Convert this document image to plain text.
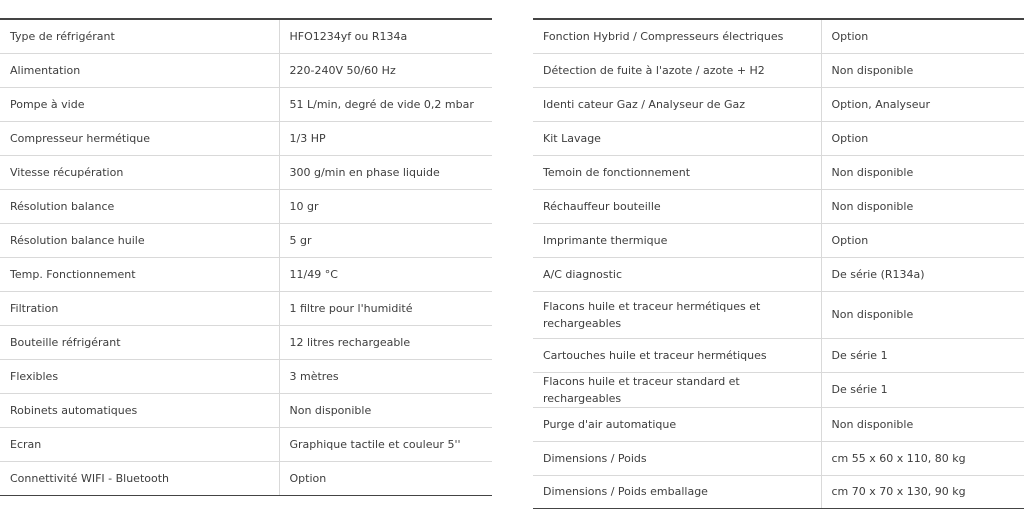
Type de réfrigérant	HFO1234yf ou R134a
Alimentation	220-240V 50/60 Hz
Pompe à vide	51 L/min, degré de vide 0,2 mbar
Compresseur hermétique	1/3 HP
Vitesse récupération	300 g/min en phase liquide
Résolution balance	10 gr
Résolution balance huile	5 gr
Temp. Fonctionnement	11/49 °C
Filtration	1 filtre pour l'humidité
Bouteille réfrigérant	12 litres rechargeable
Flexibles	3 mètres
Robinets automatiques	Non disponible
Ecran	Graphique tactile et couleur 5''
Connettivité WIFI - Bluetooth	Option
Fonction Hybrid / Compresseurs électriques	Option
Détection de fuite à l'azote / azote + H2	Non disponible
Identi cateur Gaz / Analyseur de Gaz	Option, Analyseur
Kit Lavage	Option
Temoin de fonctionnement	Non disponible
Réchauffeur bouteille	Non disponible
Imprimante thermique	Option
A/C diagnostic	De série (R134a)
Flacons huile et traceur hermétiques et rechargeables	Non disponible
Cartouches huile et traceur hermétiques	De série 1
Flacons huile et traceur standard et rechargeables	De série 1
Purge d'air automatique	Non disponible
Dimensions / Poids	cm 55 x 60 x 110, 80 kg
Dimensions / Poids emballage	cm 70 x 70 x 130, 90 kg
